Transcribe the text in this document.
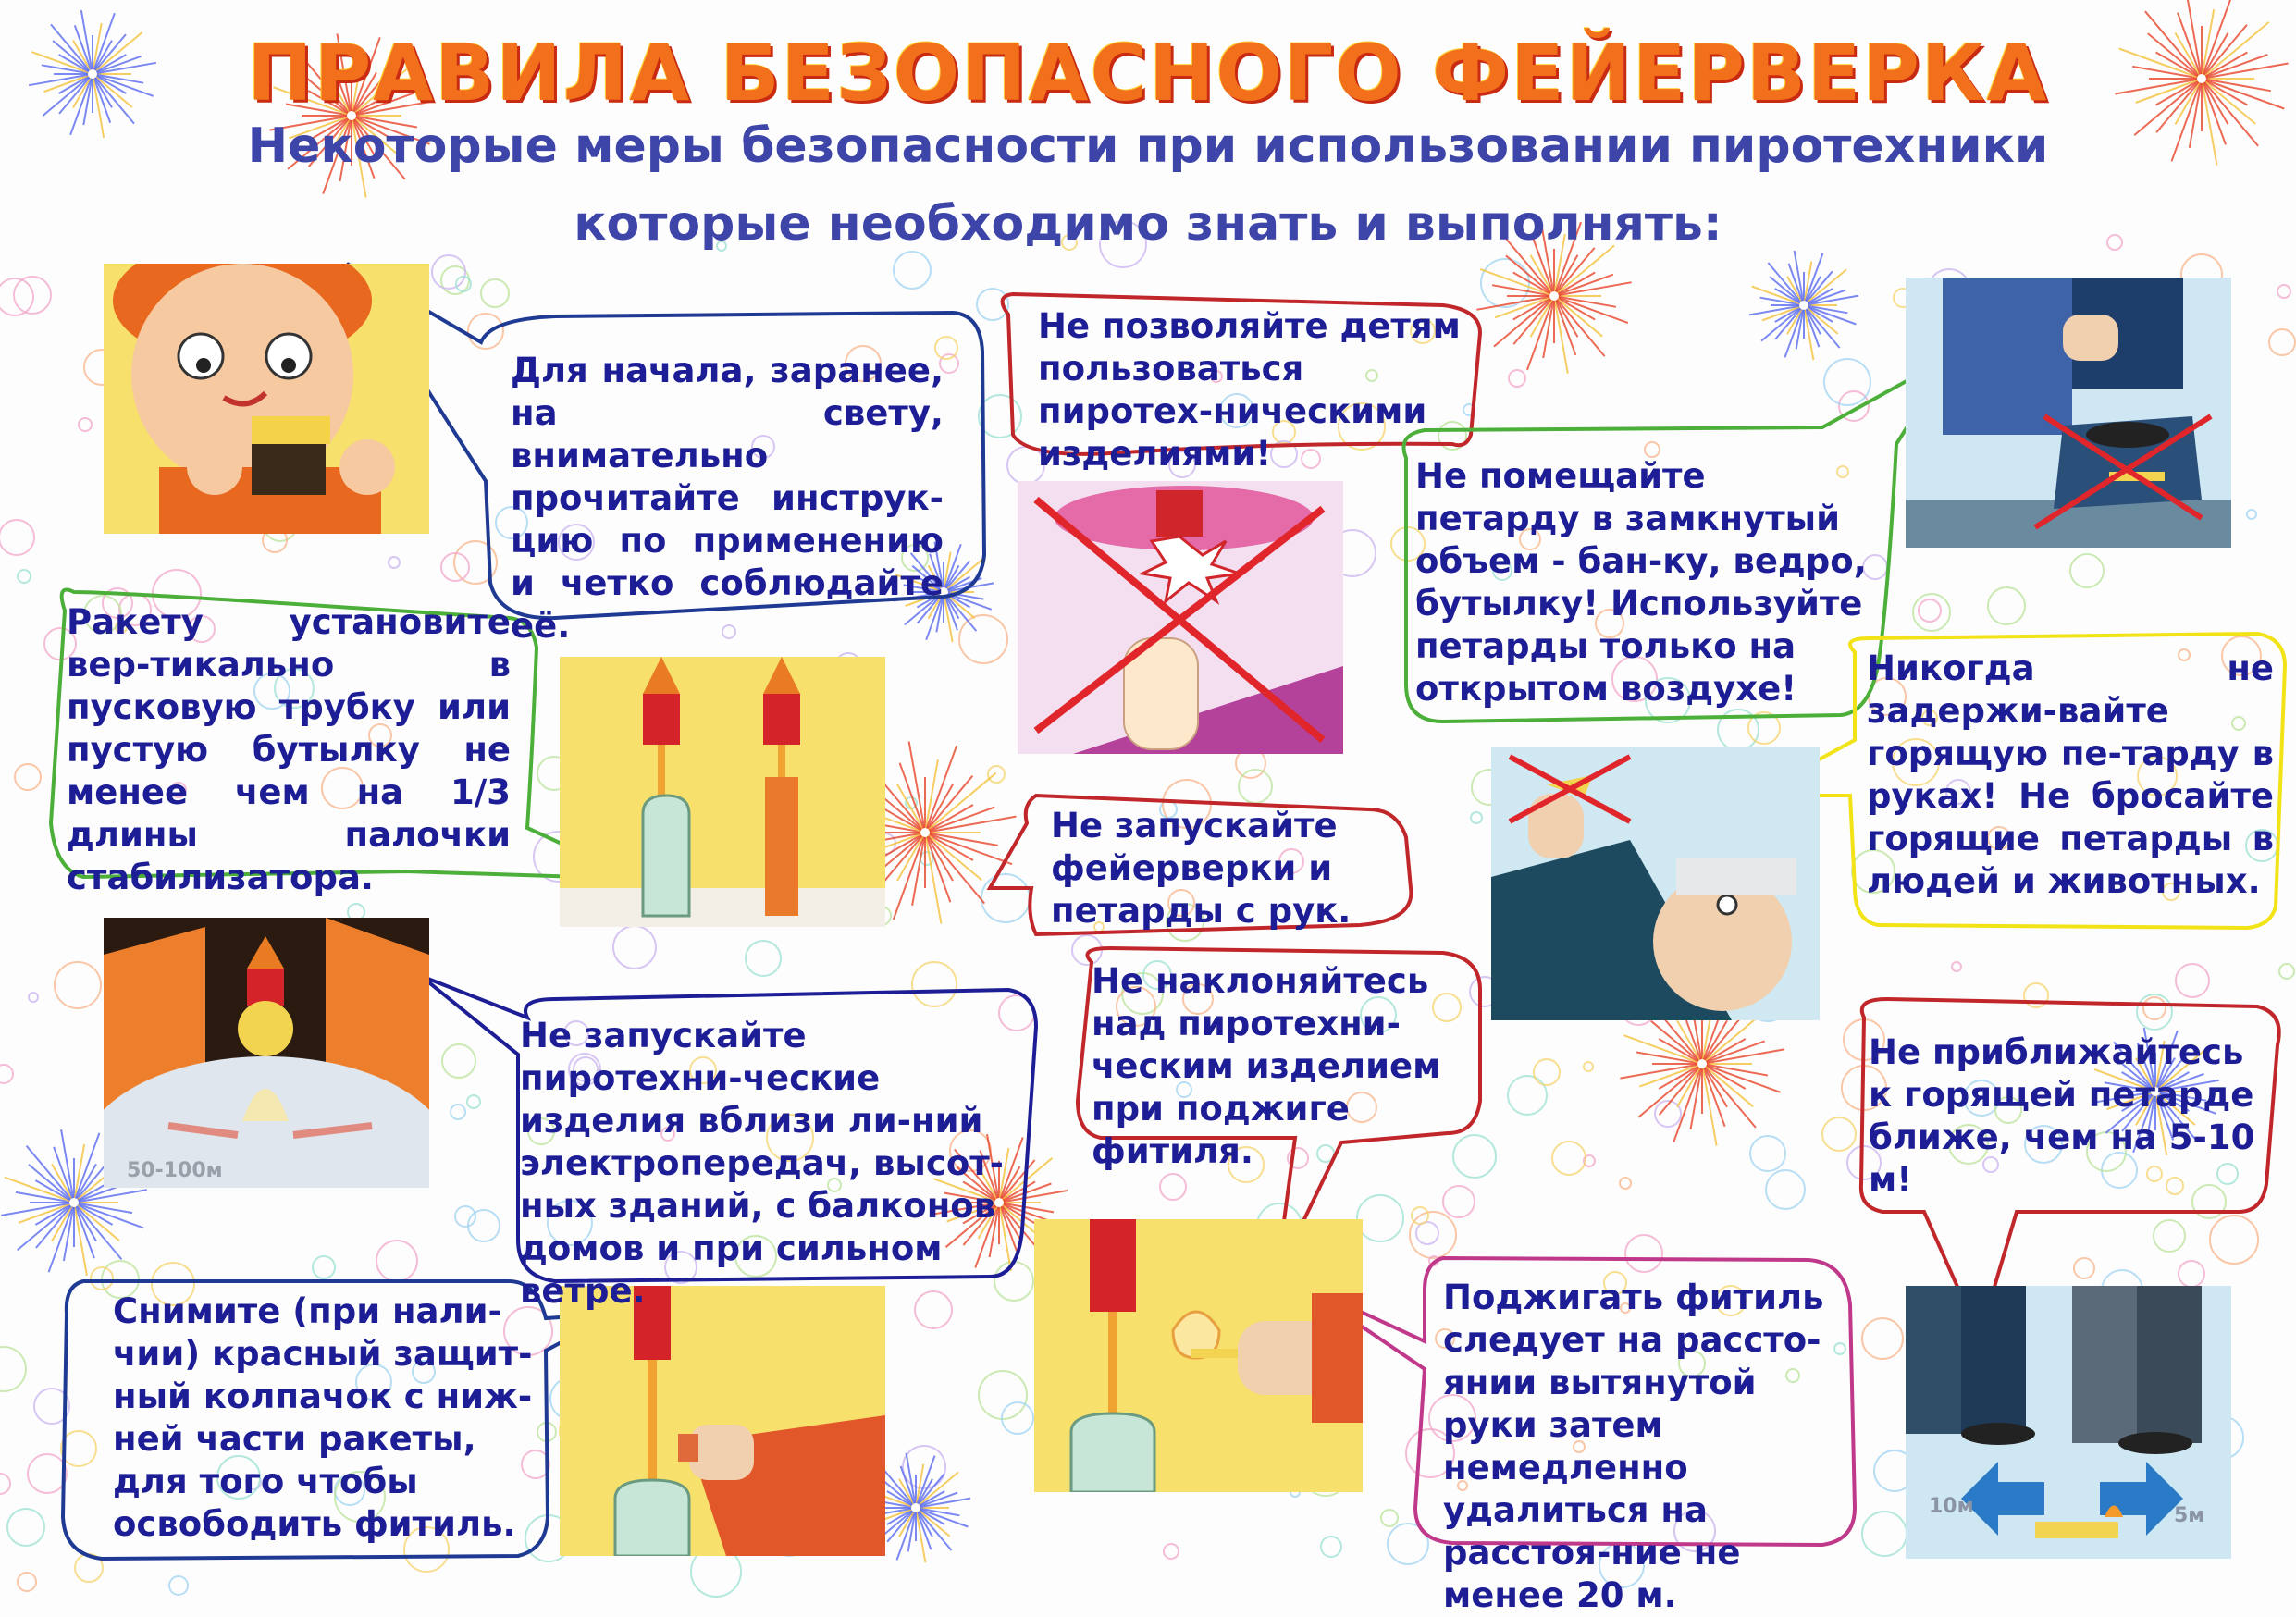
ПРАВИЛА БЕЗОПАСНОГО ФЕЙЕРВЕРКА
Некоторые меры безопасности при использовании пиротехники
которые необходимо знать и выполнять:
50-100м
10м	5м

Для начала, заранее, на свету, внимательно прочитайте инструк-цию по применению и четко соблюдайте её.

Не позволяйте детям пользоваться пиротех-ническими изделиями!

Не помещайте петарду в замкнутый объем - бан-ку, ведро, бутылку! Используйте петарды только на открытом воздухе!

Ракету установите вер-тикально в пусковую трубку или пустую бутылку не менее чем на 1/3 длины палочки стабилизатора.

Не запускайте фейерверки и петарды с рук.

Никогда не задержи-вайте горящую пе-тарду в руках! Не бросайте горящие петарды в людей и животных.

Не запускайте пиротехни-ческие изделия вблизи ли-ний электропередач, высот-ных зданий, с балконов домов и при сильном ветре.

Не наклоняйтесь над пиротехни-ческим изделием при поджиге фитиля.

Не приближайтесь к горящей петарде ближе, чем на 5-10 м!

Снимите (при нали-чии) красный защит-ный колпачок с ниж-ней части ракеты, для того чтобы освободить фитиль.

Поджигать фитиль следует на рассто-янии вытянутой руки затем немедленно удалиться на расстоя-ние не менее 20 м.
